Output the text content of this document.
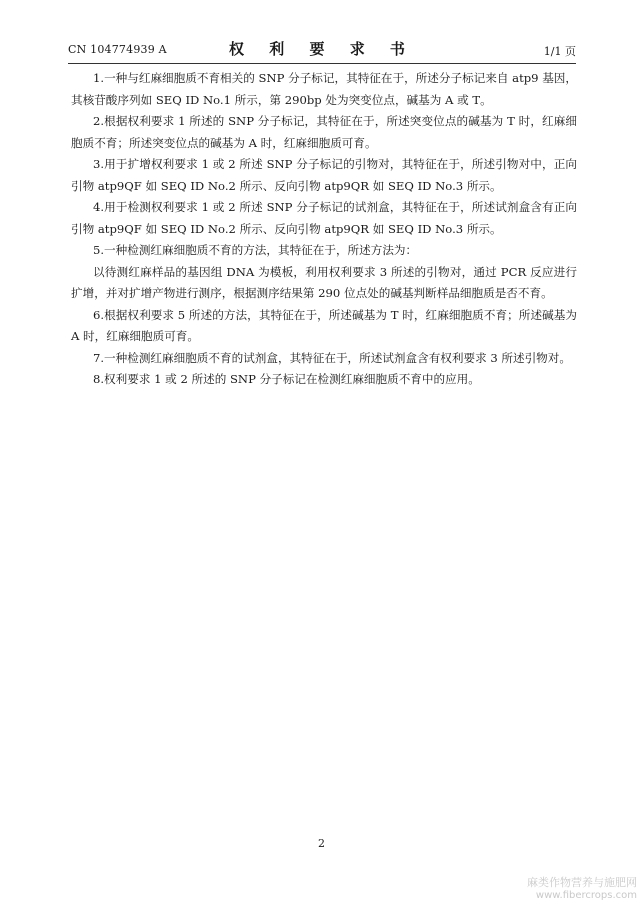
CN 104774939 A	权 利 要 求 书	1/1 页

1.一种与红麻细胞质不育相关的 SNP 分子标记，其特征在于，所述分子标记来自 atp9 基因，其核苷酸序列如 SEQ ID No.1 所示，第 290bp 处为突变位点，碱基为 A 或 T。

2.根据权利要求 1 所述的 SNP 分子标记，其特征在于，所述突变位点的碱基为 T 时，红麻细胞质不育；所述突变位点的碱基为 A 时，红麻细胞质可育。

3.用于扩增权利要求 1 或 2 所述 SNP 分子标记的引物对，其特征在于，所述引物对中，正向引物 atp9QF 如 SEQ ID No.2 所示、反向引物 atp9QR 如 SEQ ID No.3 所示。

4.用于检测权利要求 1 或 2 所述 SNP 分子标记的试剂盒，其特征在于，所述试剂盒含有正向引物 atp9QF 如 SEQ ID No.2 所示、反向引物 atp9QR 如 SEQ ID No.3 所示。

5.一种检测红麻细胞质不育的方法，其特征在于，所述方法为：

以待测红麻样品的基因组 DNA 为模板，利用权利要求 3 所述的引物对，通过 PCR 反应进行扩增，并对扩增产物进行测序，根据测序结果第 290 位点处的碱基判断样品细胞质是否不育。

6.根据权利要求 5 所述的方法，其特征在于，所述碱基为 T 时，红麻细胞质不育；所述碱基为 A 时，红麻细胞质可育。

7.一种检测红麻细胞质不育的试剂盒，其特征在于，所述试剂盒含有权利要求 3 所述引物对。

8.权利要求 1 或 2 所述的 SNP 分子标记在检测红麻细胞质不育中的应用。

2
麻类作物营养与施肥网
www.fibercrops.com
